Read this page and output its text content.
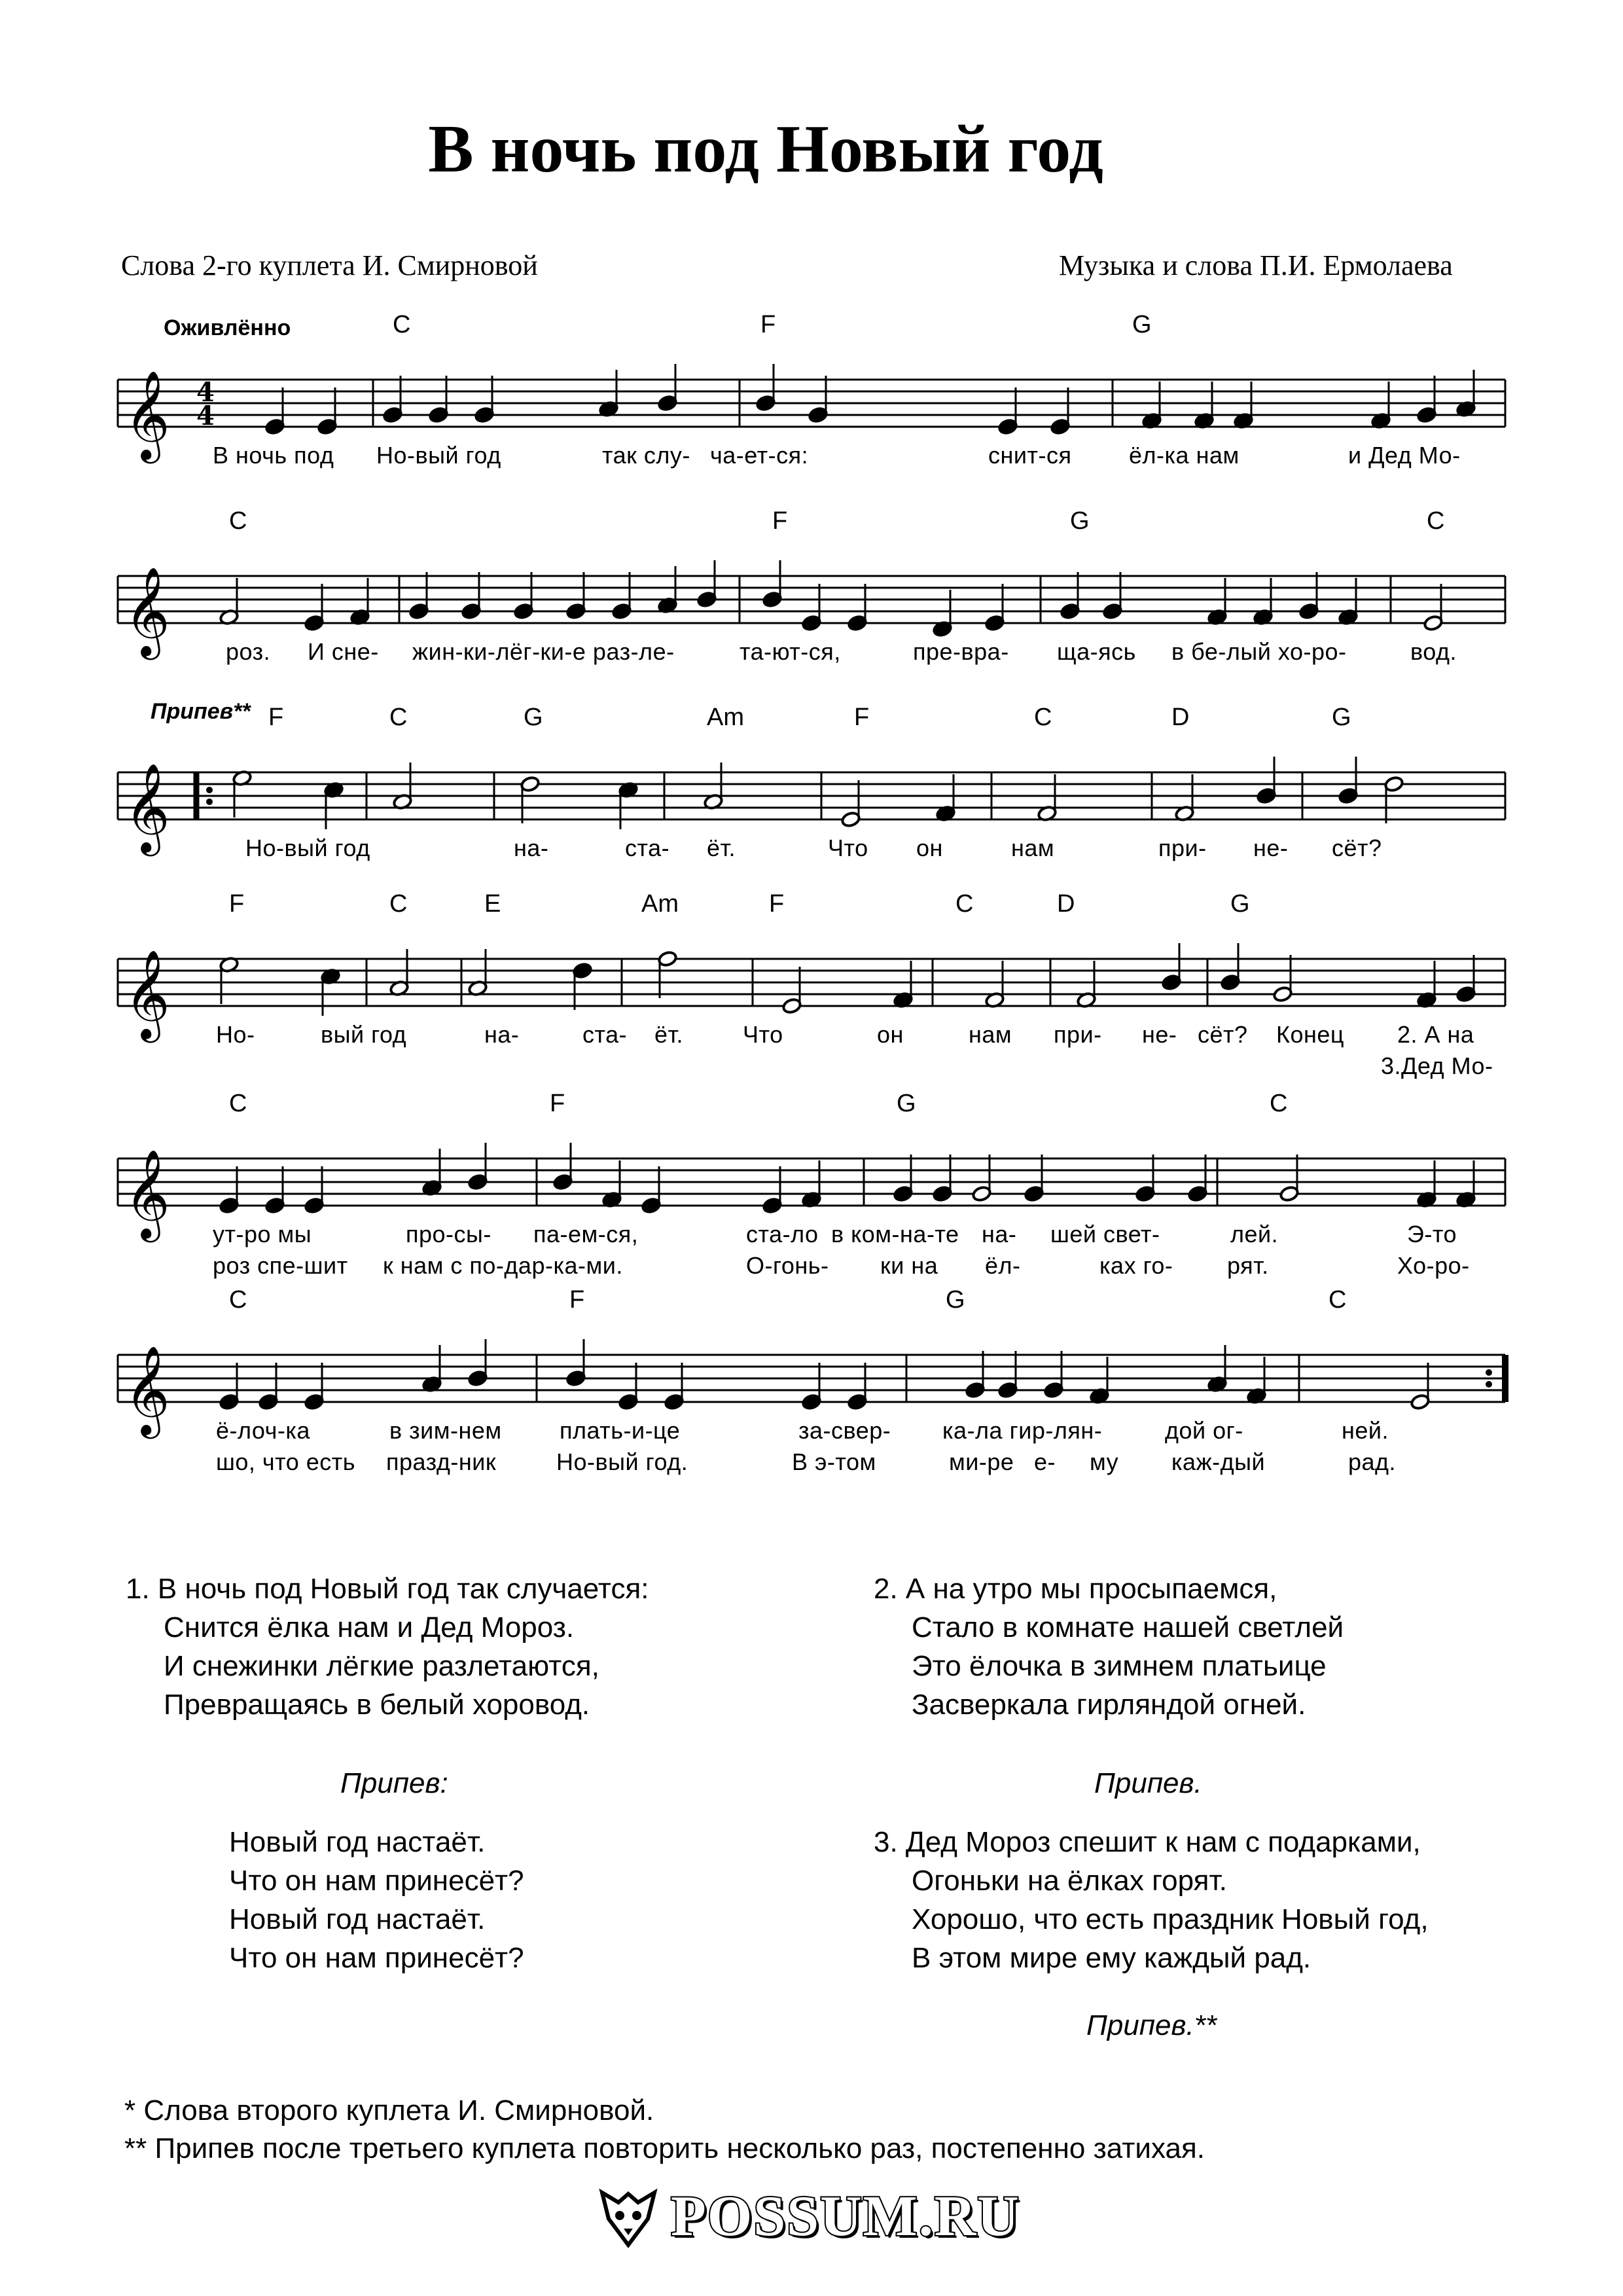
В ночь под Новый год
Слова 2-го куплета И. Смирновой	Музыка и слова П.И. Ермолаева
Оживлённо
Припев**
𝄞 4
4
C	F	G
В ночь под Но-вый год	так слу- ча-ет-ся:	снит-ся ёл-ка нам	и Дед Мо-
𝄞
C	F	G	C
роз. И сне- жин-ки-лёг-ки-е раз-ле-	та-ют-ся,	пре-вра- ща-ясь в бе-лый хо-ро-	вод.
𝄞
F	C	G	Am	F	C	D	G
Но-вый год	на-	ста- ёт.	Что он	нам	при- не- сёт?
𝄞
F	C	E	Am	F	C	D	G
Но-	вый год	на-	ста- ёт.	Что	он	нам при- не- сёт? Конец 2. А на
3.Дед Мо-
𝄞
C	F	G	C
ут-ро мы	про-сы- па-ем-ся,	ста-ло в ком-на-те на- шей свет-	лей.	Э-то
роз спе-шит к нам с по-дар-ка-ми.	О-гонь- ки на ёл-	ках го- рят.	Хо-ро-
𝄞
C	F	G	C
ё-лоч-ка	в зим-нем плать-и-це	за-свер- ка-ла гир-лян-	дой ог-	ней.
шо, что есть празд-ник	Но-вый год.	В э-том	ми-ре е- му каж-дый	рад.
1. В ночь под Новый год так случается:
Снится ёлка нам и Дед Мороз.
И снежинки лёгкие разлетаются,
Превращаясь в белый хоровод.
Припев:
Новый год настаёт.
Что он нам принесёт?
Новый год настаёт.
Что он нам принесёт?
2. А на утро мы просыпаемся,
Стало в комнате нашей светлей
Это ёлочка в зимнем платьице
Засверкала гирляндой огней.
Припев.
3. Дед Мороз спешит к нам с подарками,
Огоньки на ёлках горят.
Хорошо, что есть праздник Новый год,
В этом мире ему каждый рад.
Припев.**
* Слова второго куплета И. Смирновой.
** Припев после третьего куплета повторить несколько раз, постепенно затихая.
POSSUM.RU
